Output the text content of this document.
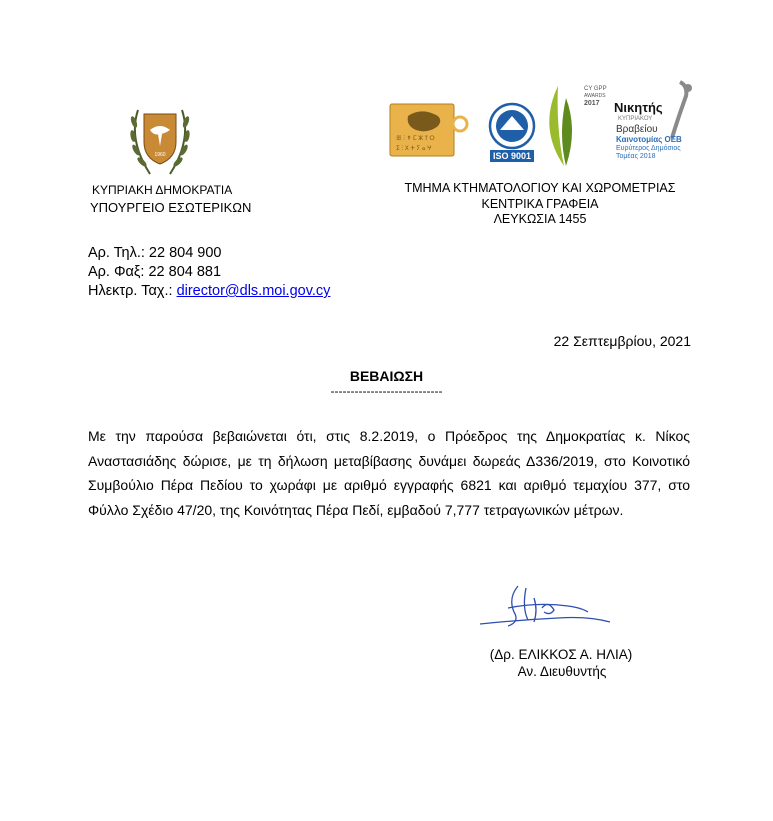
1960
ΚΥΠΡΙΑΚΗ ΔΗΜΟΚΡΑΤΙΑ
ΥΠΟΥΡΓΕΙΟ ΕΣΩΤΕΡΙΚΩΝ
ꕥ ⵗ ↟ ⵎ ⵣ ⴶ ⵔ
ⵉ ⵗ ⵝ ⵜ ⵢ ⴰ ⵖ
ISO 9001
CY GPP
AWARDS
2017 Νικητής
ΚΥΠΡΙΑΚΟΥ
Βραβείου
Καινοτομίας ΟΕΒ
Ευρύτερος Δημόσιος
Τομέας 2018
ΤΜΗΜΑ ΚΤΗΜΑΤΟΛΟΓΙΟΥ ΚΑΙ ΧΩΡΟΜΕΤΡΙΑΣ
ΚΕΝΤΡΙΚΑ ΓΡΑΦΕΙΑ
ΛΕΥΚΩΣΙΑ 1455
Αρ. Τηλ.: 22 804 900
Αρ. Φαξ: 22 804 881
Ηλεκτρ. Ταχ.: director@dls.moi.gov.cy
22 Σεπτεμβρίου, 2021
ΒΕΒΑΙΩΣΗ
----------------------------
Με την παρούσα βεβαιώνεται ότι, στις 8.2.2019, ο Πρόεδρος της Δημοκρατίας κ. Νίκος Αναστασιάδης δώρισε, με τη δήλωση μεταβίβασης δυνάμει δωρεάς Δ336/2019, στο Κοινοτικό Συμβούλιο Πέρα Πεδίου το χωράφι με αριθμό εγγραφής 6821 και αριθμό τεμαχίου 377, στο Φύλλο Σχέδιο 47/20, της Κοινότητας Πέρα Πεδί, εμβαδού 7,777 τετραγωνικών μέτρων.
(Δρ. ΕΛΙΚΚΟΣ Α. ΗΛΙΑ)
Αν. Διευθυντής
